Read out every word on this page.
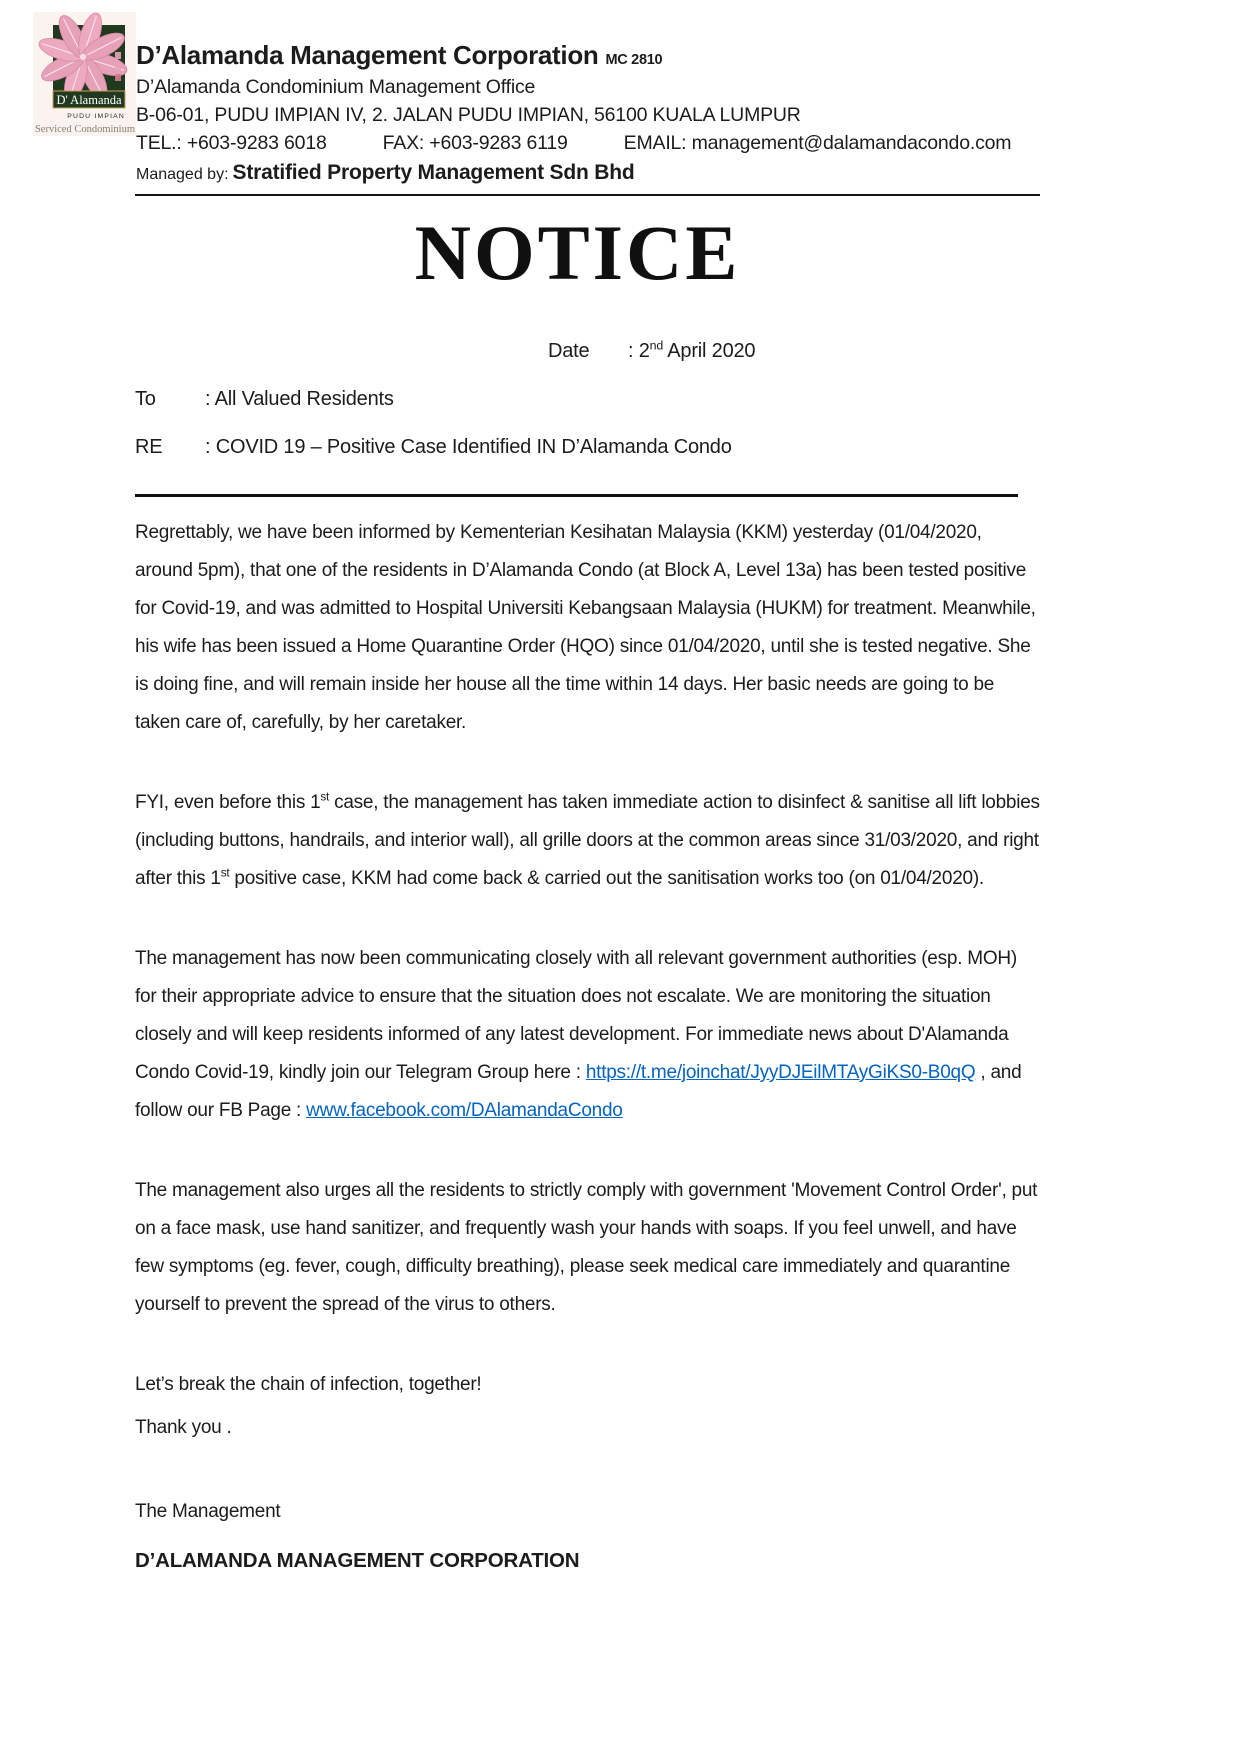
D' Alamanda
PUDU IMPIAN
Serviced Condominium
D’Alamanda Management Corporation MC 2810
D’Alamanda Condominium Management Office
B-06-01, PUDU IMPIAN IV, 2. JALAN PUDU IMPIAN, 56100 KUALA LUMPUR
TEL.: +603-9283 6018	FAX: +603-9283 6119	EMAIL: management@dalamandacondo.com
Managed by: Stratified Property Management Sdn Bhd
NOTICE
Date : 2nd April 2020
To : All Valued Residents
RE : COVID 19 – Positive Case Identified IN D’Alamanda Condo

Regrettably, we have been informed by Kementerian Kesihatan Malaysia (KKM) yesterday (01/04/2020, around 5pm), that one of the residents in D’Alamanda Condo (at Block A, Level 13a) has been tested positive for Covid-19, and was admitted to Hospital Universiti Kebangsaan Malaysia (HUKM) for treatment. Meanwhile, his wife has been issued a Home Quarantine Order (HQO) since 01/04/2020, until she is tested negative. She is doing fine, and will remain inside her house all the time within 14 days. Her basic needs are going to be taken care of, carefully, by her caretaker.

FYI, even before this 1st case, the management has taken immediate action to disinfect & sanitise all lift lobbies (including buttons, handrails, and interior wall), all grille doors at the common areas since 31/03/2020, and right after this 1st positive case, KKM had come back & carried out the sanitisation works too (on 01/04/2020).

The management has now been communicating closely with all relevant government authorities (esp. MOH) for their appropriate advice to ensure that the situation does not escalate. We are monitoring the situation closely and will keep residents informed of any latest development. For immediate news about D'Alamanda Condo Covid-19, kindly join our Telegram Group here : https://t.me/joinchat/JyyDJEilMTAyGiKS0-B0qQ , and follow our FB Page : www.facebook.com/DAlamandaCondo

The management also urges all the residents to strictly comply with government 'Movement Control Order', put on a face mask, use hand sanitizer, and frequently wash your hands with soaps. If you feel unwell, and have few symptoms (eg. fever, cough, difficulty breathing), please seek medical care immediately and quarantine yourself to prevent the spread of the virus to others.

Let’s break the chain of infection, together!
Thank you .
The Management
D’ALAMANDA MANAGEMENT CORPORATION
